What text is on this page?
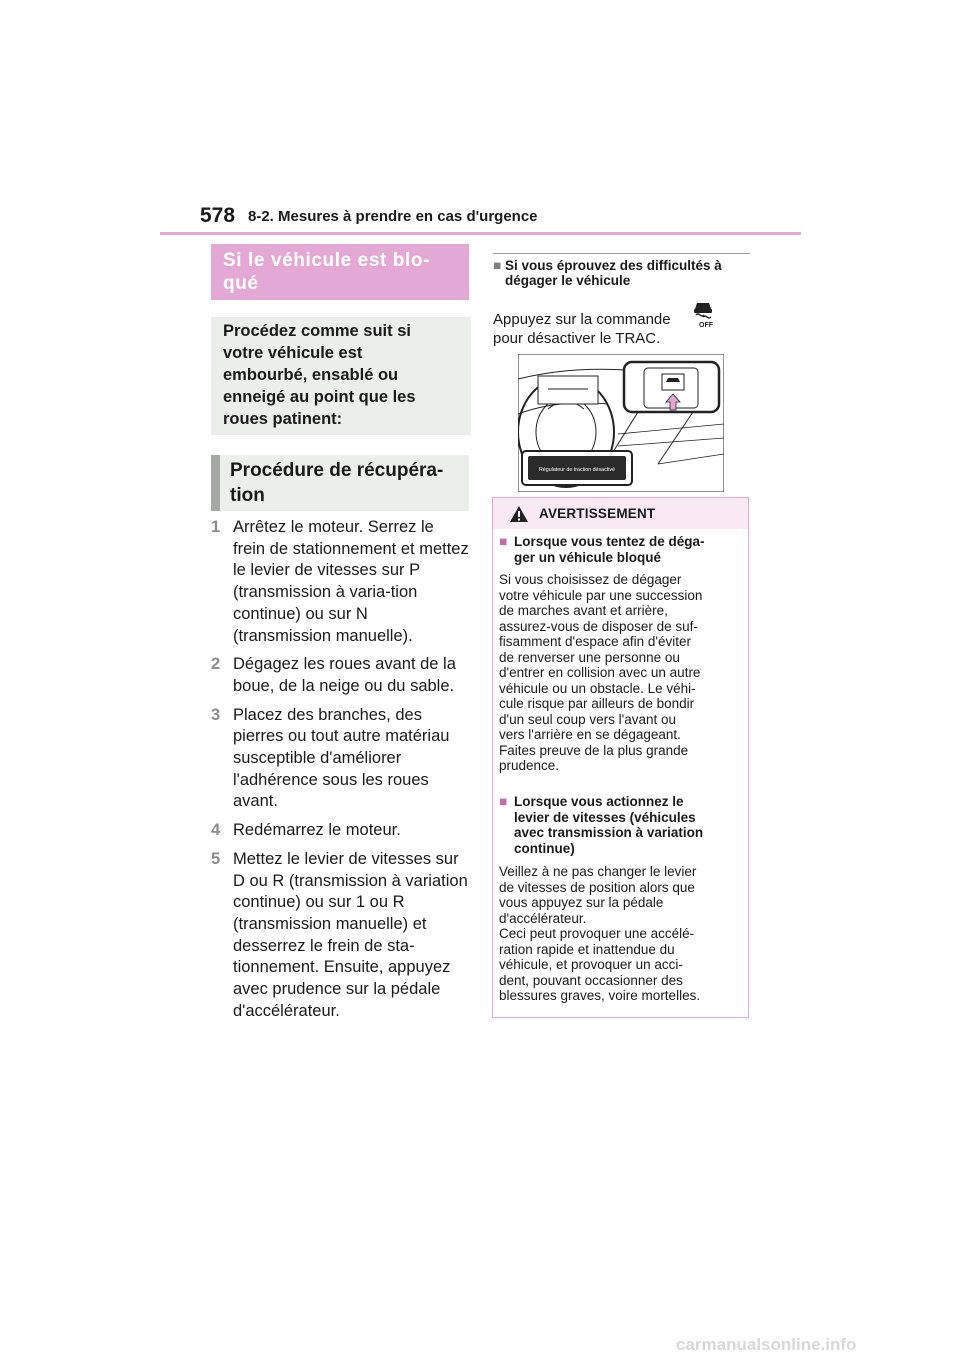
578 8-2. Mesures à prendre en cas d'urgence
Si le véhicule est blo-
qué
Procédez comme suit si
votre véhicule est
embourbé, ensablé ou
enneigé au point que les
roues patinent:
Procédure de récupéra-
tion
1 Arrêtez le moteur. Serrez le frein de stationnement et mettez le levier de vitesses sur P (transmission à varia-tion continue) ou sur N (transmission manuelle).
2 Dégagez les roues avant de la boue, de la neige ou du sable.
3 Placez des branches, des pierres ou tout autre matériau susceptible d'améliorer l'adhérence sous les roues avant.
4 Redémarrez le moteur.
5 Mettez le levier de vitesses sur D ou R (transmission à variation continue) ou sur 1 ou R (transmission manuelle) et desserrez le frein de sta-tionnement. Ensuite, appuyez avec prudence sur la pédale d'accélérateur.
■ Si vous éprouvez des difficultés à dégager le véhicule
Appuyez sur la commande pour désactiver le TRAC.
OFF
Régulateur de traction désactivé
AVERTISSEMENT
■ Lorsque vous tentez de déga-
ger un véhicule bloqué
Si vous choisissez de dégager
votre véhicule par une succession
de marches avant et arrière,
assurez-vous de disposer de suf-
fisamment d'espace afin d'éviter
de renverser une personne ou
d'entrer en collision avec un autre
véhicule ou un obstacle. Le véhi-
cule risque par ailleurs de bondir
d'un seul coup vers l'avant ou
vers l'arrière en se dégageant.
Faites preuve de la plus grande
prudence.
■ Lorsque vous actionnez le
levier de vitesses (véhicules
avec transmission à variation
continue)
Veillez à ne pas changer le levier
de vitesses de position alors que
vous appuyez sur la pédale
d'accélérateur.
Ceci peut provoquer une accélé-
ration rapide et inattendue du
véhicule, et provoquer un acci-
dent, pouvant occasionner des
blessures graves, voire mortelles.
carmanualsonline.info
